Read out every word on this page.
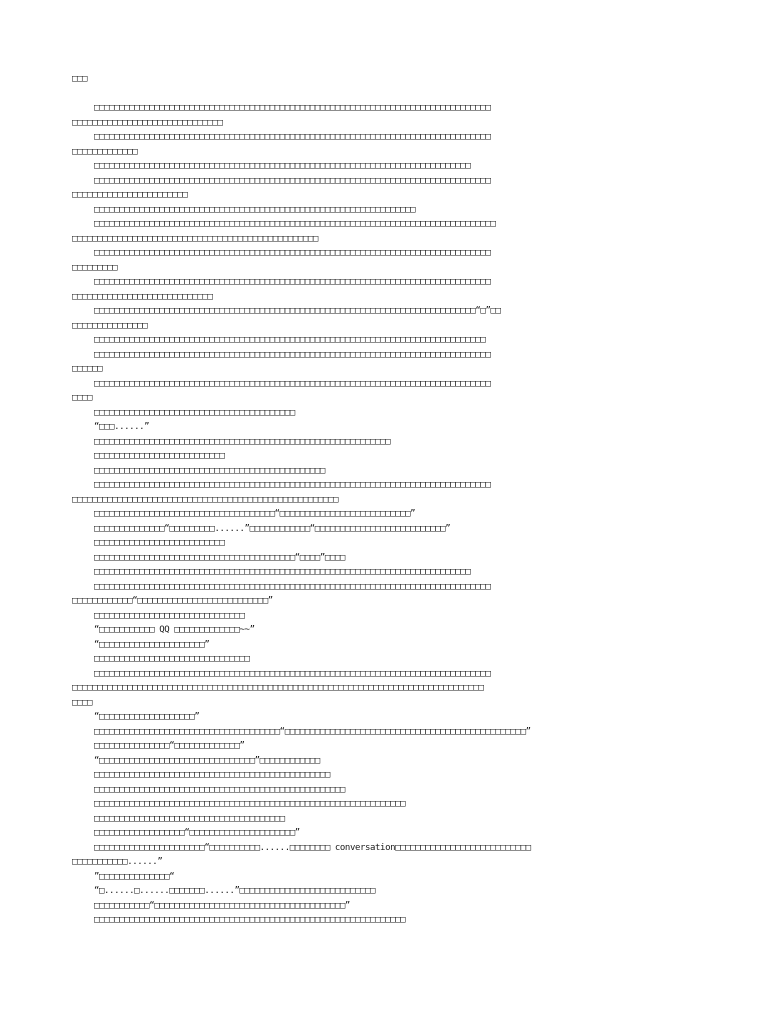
□□□
□□□□□□□□□□□□□□□□□□□□□□□□□□□□□□□□□□□□□□□□□□□□□□□□□□□□□□□□□□□□□□□□□□□□□□□□□□□□□□□
□□□□□□□□□□□□□□□□□□□□□□□□□□□□□□
□□□□□□□□□□□□□□□□□□□□□□□□□□□□□□□□□□□□□□□□□□□□□□□□□□□□□□□□□□□□□□□□□□□□□□□□□□□□□□□
□□□□□□□□□□□□□
□□□□□□□□□□□□□□□□□□□□□□□□□□□□□□□□□□□□□□□□□□□□□□□□□□□□□□□□□□□□□□□□□□□□□□□□□□□
□□□□□□□□□□□□□□□□□□□□□□□□□□□□□□□□□□□□□□□□□□□□□□□□□□□□□□□□□□□□□□□□□□□□□□□□□□□□□□□
□□□□□□□□□□□□□□□□□□□□□□□
□□□□□□□□□□□□□□□□□□□□□□□□□□□□□□□□□□□□□□□□□□□□□□□□□□□□□□□□□□□□□□□□
□□□□□□□□□□□□□□□□□□□□□□□□□□□□□□□□□□□□□□□□□□□□□□□□□□□□□□□□□□□□□□□□□□□□□□□□□□□□□□□□
□□□□□□□□□□□□□□□□□□□□□□□□□□□□□□□□□□□□□□□□□□□□□□□□□
□□□□□□□□□□□□□□□□□□□□□□□□□□□□□□□□□□□□□□□□□□□□□□□□□□□□□□□□□□□□□□□□□□□□□□□□□□□□□□□
□□□□□□□□□
□□□□□□□□□□□□□□□□□□□□□□□□□□□□□□□□□□□□□□□□□□□□□□□□□□□□□□□□□□□□□□□□□□□□□□□□□□□□□□□
□□□□□□□□□□□□□□□□□□□□□□□□□□□□
□□□□□□□□□□□□□□□□□□□□□□□□□□□□□□□□□□□□□□□□□□□□□□□□□□□□□□□□□□□□□□□□□□□□□□□□□□□□“□”□□
□□□□□□□□□□□□□□□
□□□□□□□□□□□□□□□□□□□□□□□□□□□□□□□□□□□□□□□□□□□□□□□□□□□□□□□□□□□□□□□□□□□□□□□□□□□□□□
□□□□□□□□□□□□□□□□□□□□□□□□□□□□□□□□□□□□□□□□□□□□□□□□□□□□□□□□□□□□□□□□□□□□□□□□□□□□□□□
□□□□□□
□□□□□□□□□□□□□□□□□□□□□□□□□□□□□□□□□□□□□□□□□□□□□□□□□□□□□□□□□□□□□□□□□□□□□□□□□□□□□□□
□□□□
□□□□□□□□□□□□□□□□□□□□□□□□□□□□□□□□□□□□□□□□
“□□□......”
□□□□□□□□□□□□□□□□□□□□□□□□□□□□□□□□□□□□□□□□□□□□□□□□□□□□□□□□□□□
□□□□□□□□□□□□□□□□□□□□□□□□□□
□□□□□□□□□□□□□□□□□□□□□□□□□□□□□□□□□□□□□□□□□□□□□□
□□□□□□□□□□□□□□□□□□□□□□□□□□□□□□□□□□□□□□□□□□□□□□□□□□□□□□□□□□□□□□□□□□□□□□□□□□□□□□□
□□□□□□□□□□□□□□□□□□□□□□□□□□□□□□□□□□□□□□□□□□□□□□□□□□□□□
□□□□□□□□□□□□□□□□□□□□□□□□□□□□□□□□□□□□“□□□□□□□□□□□□□□□□□□□□□□□□□□”
□□□□□□□□□□□□□□“□□□□□□□□□......”□□□□□□□□□□□□“□□□□□□□□□□□□□□□□□□□□□□□□□□”
□□□□□□□□□□□□□□□□□□□□□□□□□□
□□□□□□□□□□□□□□□□□□□□□□□□□□□□□□□□□□□□□□□□“□□□□”□□□□
□□□□□□□□□□□□□□□□□□□□□□□□□□□□□□□□□□□□□□□□□□□□□□□□□□□□□□□□□□□□□□□□□□□□□□□□□□□
□□□□□□□□□□□□□□□□□□□□□□□□□□□□□□□□□□□□□□□□□□□□□□□□□□□□□□□□□□□□□□□□□□□□□□□□□□□□□□□
□□□□□□□□□□□□“□□□□□□□□□□□□□□□□□□□□□□□□□□”
□□□□□□□□□□□□□□□□□□□□□□□□□□□□□□
“□□□□□□□□□□□ QQ □□□□□□□□□□□□□~~”
“□□□□□□□□□□□□□□□□□□□□□”
□□□□□□□□□□□□□□□□□□□□□□□□□□□□□□□
□□□□□□□□□□□□□□□□□□□□□□□□□□□□□□□□□□□□□□□□□□□□□□□□□□□□□□□□□□□□□□□□□□□□□□□□□□□□□□□
□□□□□□□□□□□□□□□□□□□□□□□□□□□□□□□□□□□□□□□□□□□□□□□□□□□□□□□□□□□□□□□□□□□□□□□□□□□□□□□□□□
□□□□
“□□□□□□□□□□□□□□□□□□□”
□□□□□□□□□□□□□□□□□□□□□□□□□□□□□□□□□□□□□“□□□□□□□□□□□□□□□□□□□□□□□□□□□□□□□□□□□□□□□□□□□□□□□□”
□□□□□□□□□□□□□□□“□□□□□□□□□□□□□”
“□□□□□□□□□□□□□□□□□□□□□□□□□□□□□□□”□□□□□□□□□□□□
□□□□□□□□□□□□□□□□□□□□□□□□□□□□□□□□□□□□□□□□□□□□□□□
□□□□□□□□□□□□□□□□□□□□□□□□□□□□□□□□□□□□□□□□□□□□□□□□□□
□□□□□□□□□□□□□□□□□□□□□□□□□□□□□□□□□□□□□□□□□□□□□□□□□□□□□□□□□□□□□□
□□□□□□□□□□□□□□□□□□□□□□□□□□□□□□□□□□□□□□
□□□□□□□□□□□□□□□□□□“□□□□□□□□□□□□□□□□□□□□□”
□□□□□□□□□□□□□□□□□□□□□□“□□□□□□□□□□......□□□□□□□□ conversation□□□□□□□□□□□□□□□□□□□□□□□□□□□
□□□□□□□□□□□......”
”□□□□□□□□□□□□□□“
“□......□......□□□□□□□......”□□□□□□□□□□□□□□□□□□□□□□□□□□□
□□□□□□□□□□□“□□□□□□□□□□□□□□□□□□□□□□□□□□□□□□□□□□□□□□”
□□□□□□□□□□□□□□□□□□□□□□□□□□□□□□□□□□□□□□□□□□□□□□□□□□□□□□□□□□□□□□
